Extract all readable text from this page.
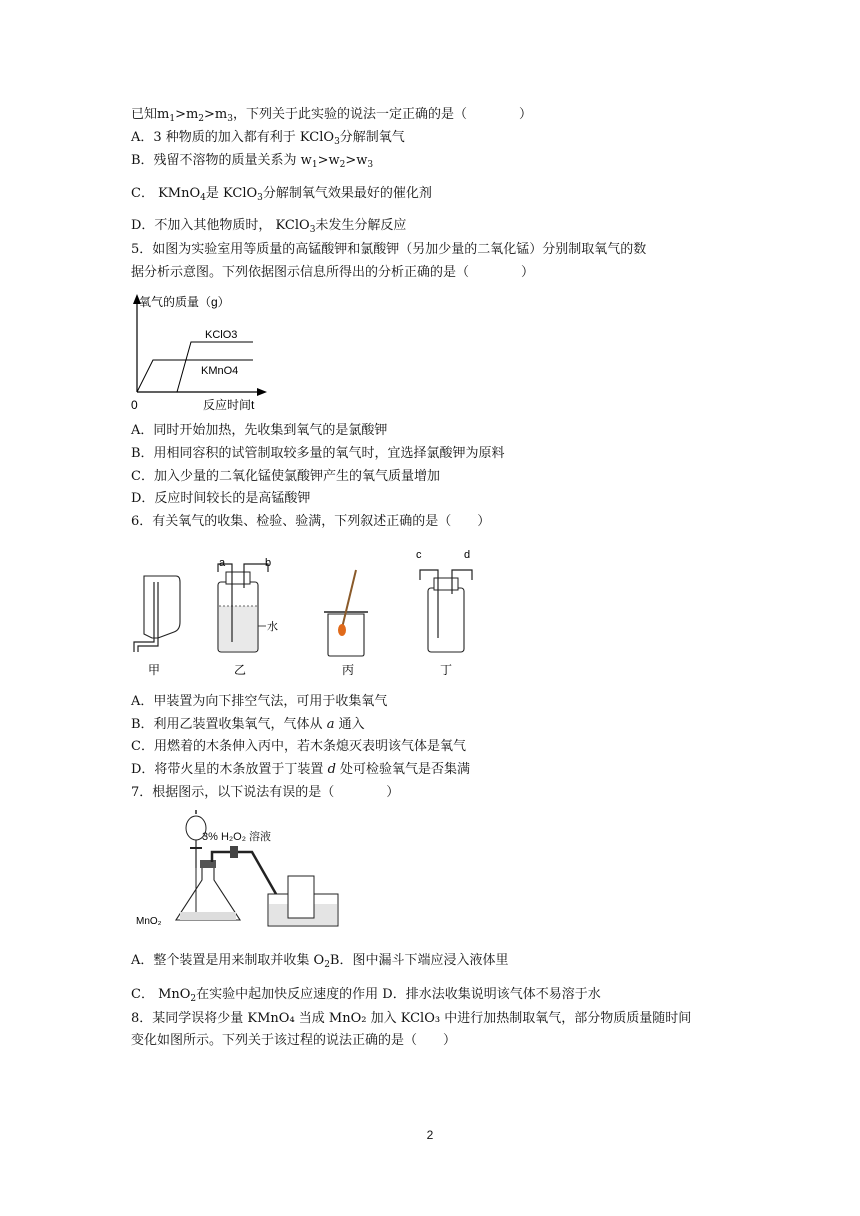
已知$m_1>m_2>m_3$，下列关于此实验的说法一定正确的是（　　　　）
A．3 种物质的加入都有利于 KClO$_3$分解制氧气
B．残留不溶物的质量关系为 $w_1>w_2>w_3$
C． KMnO$_4$是 KClO$_3$分解制氧气效果最好的催化剂
D．不加入其他物质时， KClO$_3$未发生分解反应
5．如图为实验室用等质量的高锰酸钾和氯酸钾（另加少量的二氧化锰）分别制取氧气的数
据分析示意图。下列依据图示信息所得出的分析正确的是（　　　　）
氧气的质量（g）
KClO3
KMnO4
0	反应时间t
A．同时开始加热，先收集到氧气的是氯酸钾
B．用相同容积的试管制取较多量的氧气时，宜选择氯酸钾为原料
C．加入少量的二氧化锰使氯酸钾产生的氧气质量增加
D．反应时间较长的是高锰酸钾
6．有关氧气的收集、检验、验满，下列叙述正确的是（　　）
a	b
c	d
水
甲	乙	丙	丁
A．甲装置为向下排空气法，可用于收集氧气
B．利用乙装置收集氧气，气体从 a 通入
C．用燃着的木条伸入丙中，若木条熄灭表明该气体是氧气
D．将带火星的木条放置于丁装置 d 处可检验氧气是否集满
7．根据图示，以下说法有误的是（　　　　）
3% H₂O₂ 溶液
MnO₂
A．整个装置是用来制取并收集 $O_2B$．图中漏斗下端应浸入液体里
C． MnO$_2$在实验中起加快反应速度的作用 D．排水法收集说明该气体不易溶于水
8．某同学误将少量 KMnO₄ 当成 MnO₂ 加入 KClO₃ 中进行加热制取氧气，部分物质质量随时间
变化如图所示。下列关于该过程的说法正确的是（　　）
2
